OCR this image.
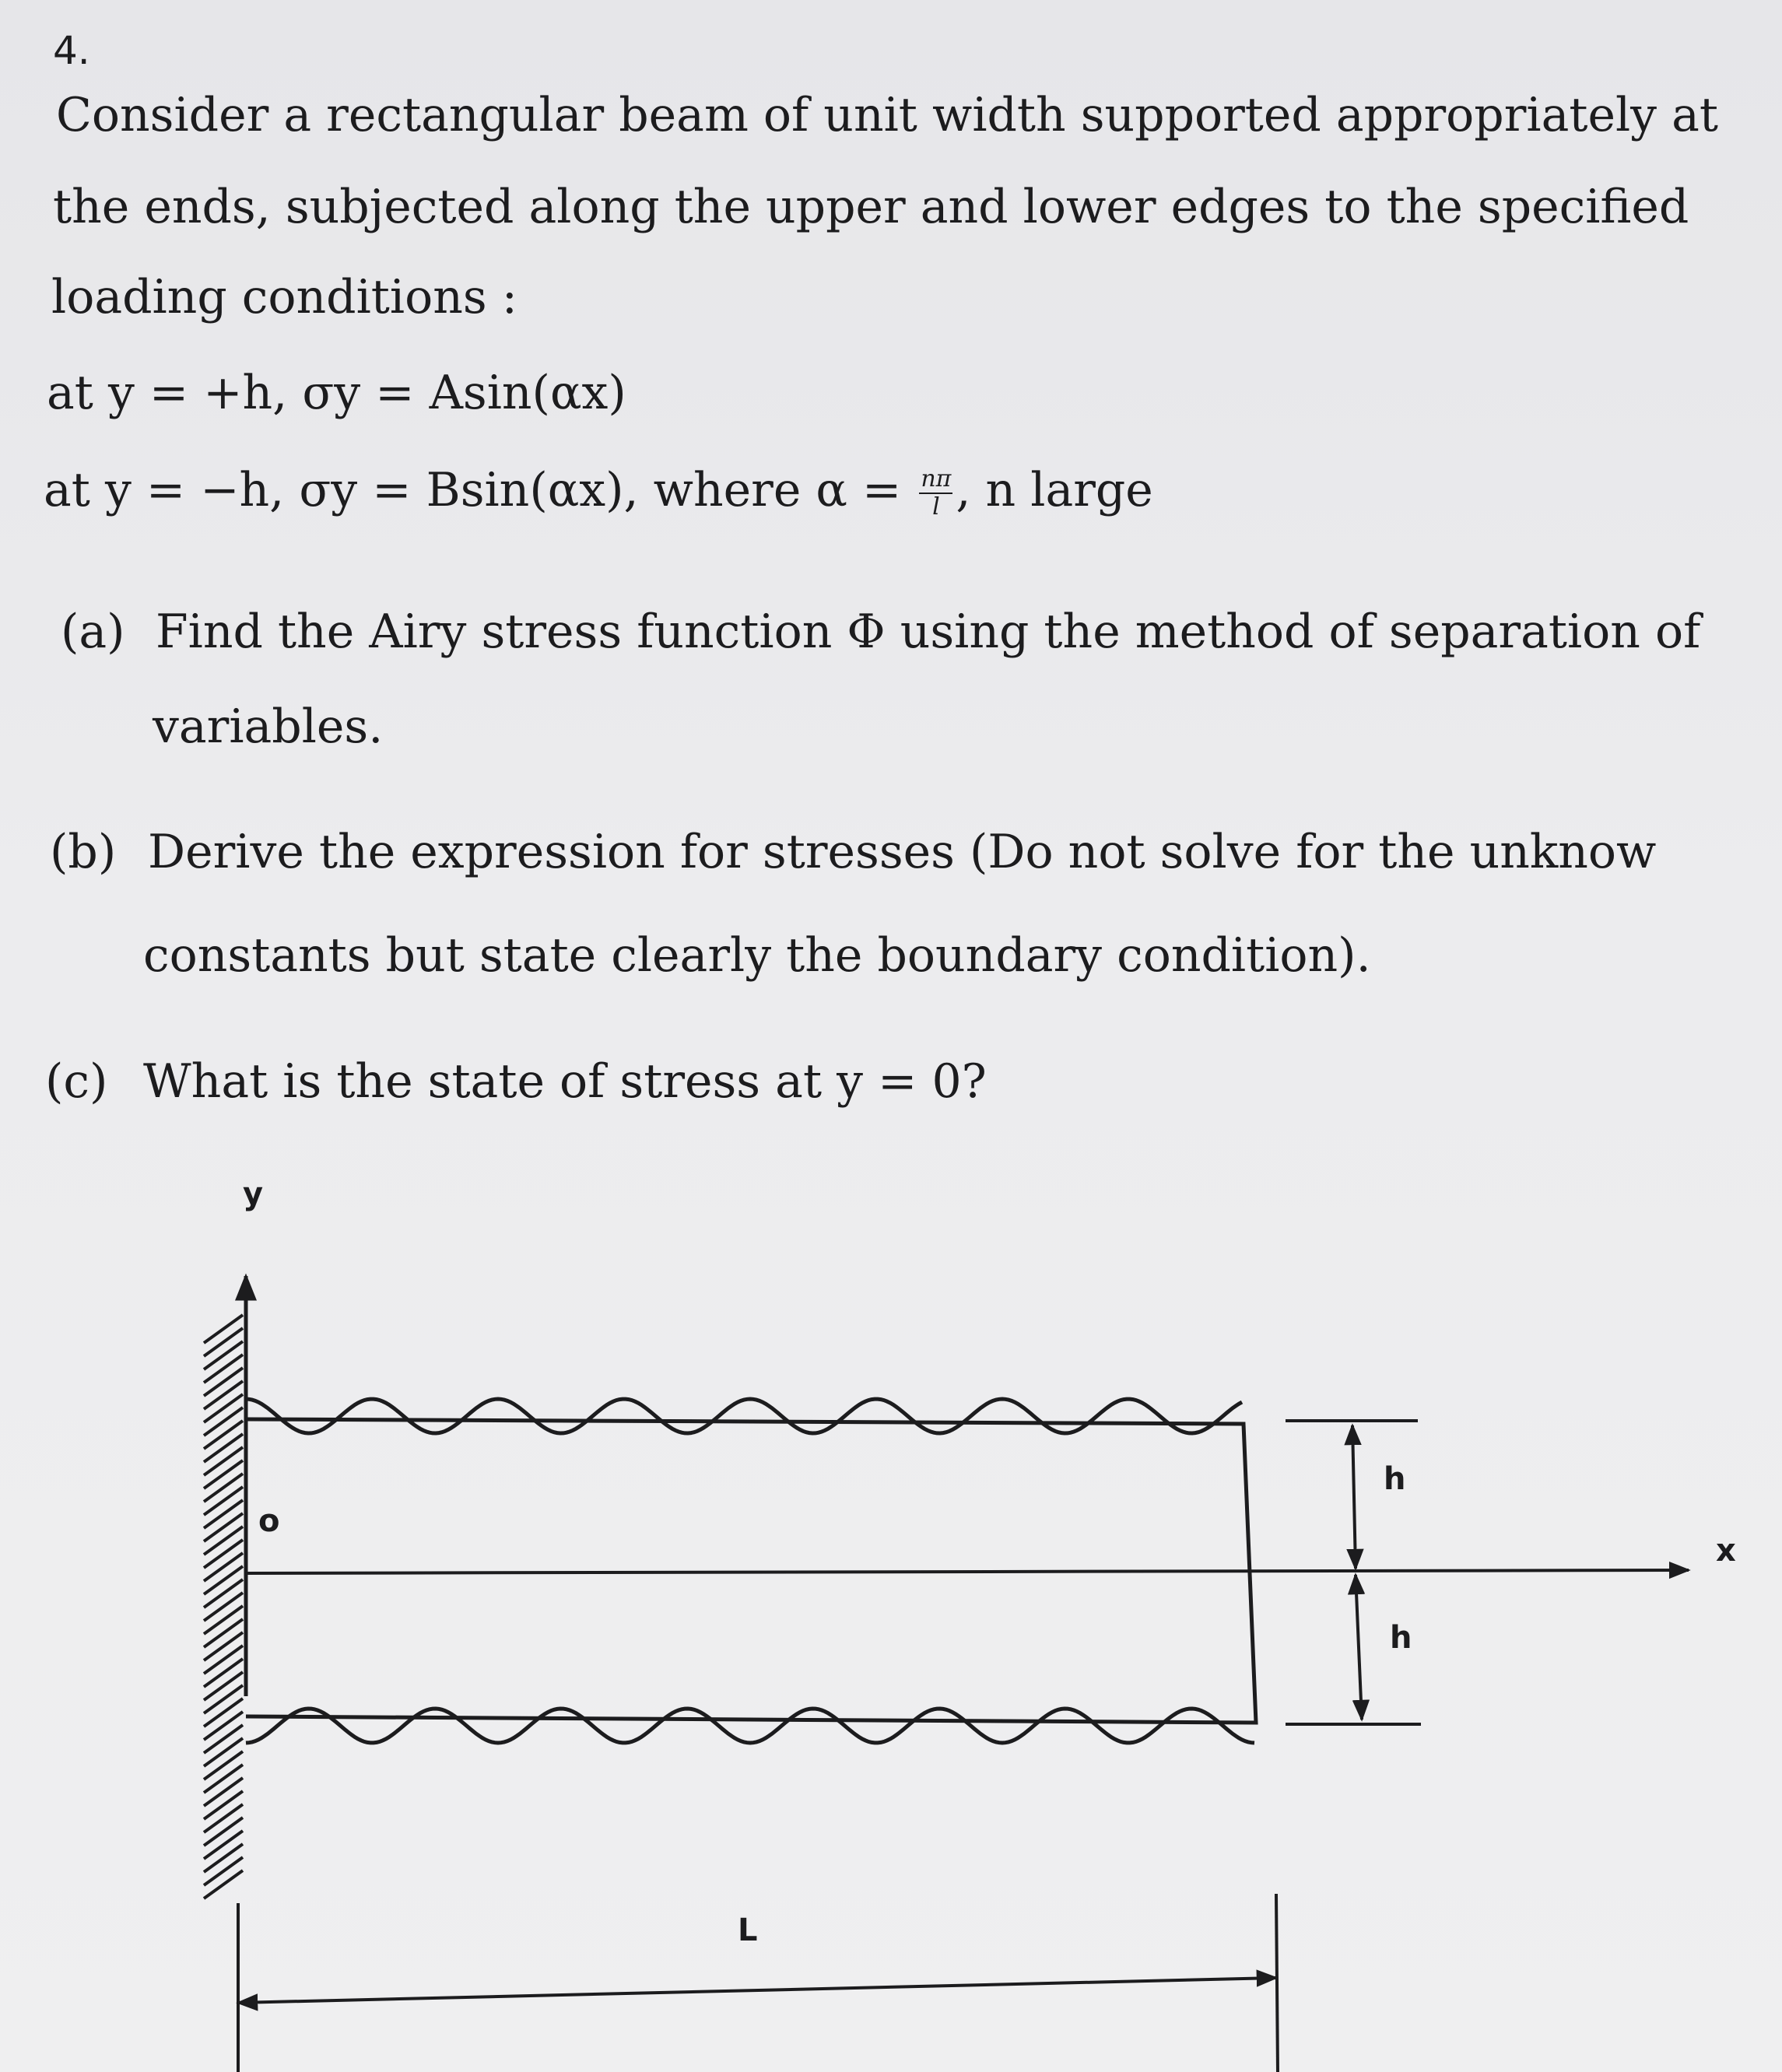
4.
Consider a rectangular beam of unit width supported appropriately at
the ends, subjected along the upper and lower edges to the specified
loading conditions :
at y = +h, σy = Asin(αx)
at y = −h, σy = Bsin(αx), where $\alpha = \frac{n\pi}{l}$ , n large
(a) Find the Airy stress function Φ using the method of separation of
variables.
(b) Derive the expression for stresses (Do not solve for the unknow
constants but state clearly the boundary condition).
(c) What is the state of stress at y = 0?
y
x
o
h
h
L
